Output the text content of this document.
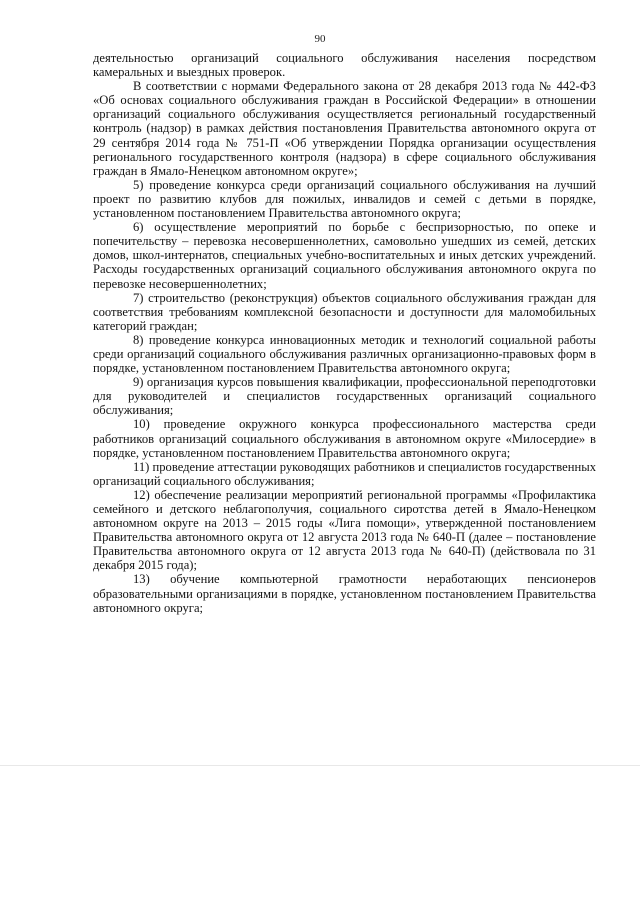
90

деятельностью организаций социального обслуживания населения посредством камеральных и выездных проверок.

В соответствии с нормами Федерального закона от 28 декабря 2013 года № 442-ФЗ «Об основах социального обслуживания граждан в Российской Федерации» в отношении организаций социального обслуживания осуществляется региональный государственный контроль (надзор) в рамках действия постановления Правительства автономного округа от 29 сентября 2014 года № 751-П «Об утверждении Порядка организации осуществления регионального государственного контроля (надзора) в сфере социального обслуживания граждан в Ямало-Ненецком автономном округе»;

5) проведение конкурса среди организаций социального обслуживания на лучший проект по развитию клубов для пожилых, инвалидов и семей с детьми в порядке, установленном постановлением Правительства автономного округа;

6) осуществление мероприятий по борьбе с беспризорностью, по опеке и попечительству – перевозка несовершеннолетних, самовольно ушедших из семей, детских домов, школ-интернатов, специальных учебно-воспитательных и иных детских учреждений. Расходы государственных организаций социального обслуживания автономного округа по перевозке несовершеннолетних;

7) строительство (реконструкция) объектов социального обслуживания граждан для соответствия требованиям комплексной безопасности и доступности для маломобильных категорий граждан;

8) проведение конкурса инновационных методик и технологий социальной работы среди организаций социального обслуживания различных организационно-правовых форм в порядке, установленном постановлением Правительства автономного округа;

9) организация курсов повышения квалификации, профессиональной переподготовки для руководителей и специалистов государственных организаций социального обслуживания;

10) проведение окружного конкурса профессионального мастерства среди работников организаций социального обслуживания в автономном округе «Милосердие» в порядке, установленном постановлением Правительства автономного округа;

11) проведение аттестации руководящих работников и специалистов государственных организаций социального обслуживания;

12) обеспечение реализации мероприятий региональной программы «Профилактика семейного и детского неблагополучия, социального сиротства детей в Ямало-Ненецком автономном округе на 2013 – 2015 годы «Лига помощи», утвержденной постановлением Правительства автономного округа от 12 августа 2013 года № 640-П (далее – постановление Правительства автономного округа от 12 августа 2013 года № 640-П) (действовала по 31 декабря 2015 года);

13) обучение компьютерной грамотности неработающих пенсионеров образовательными организациями в порядке, установленном постановлением Правительства автономного округа;
